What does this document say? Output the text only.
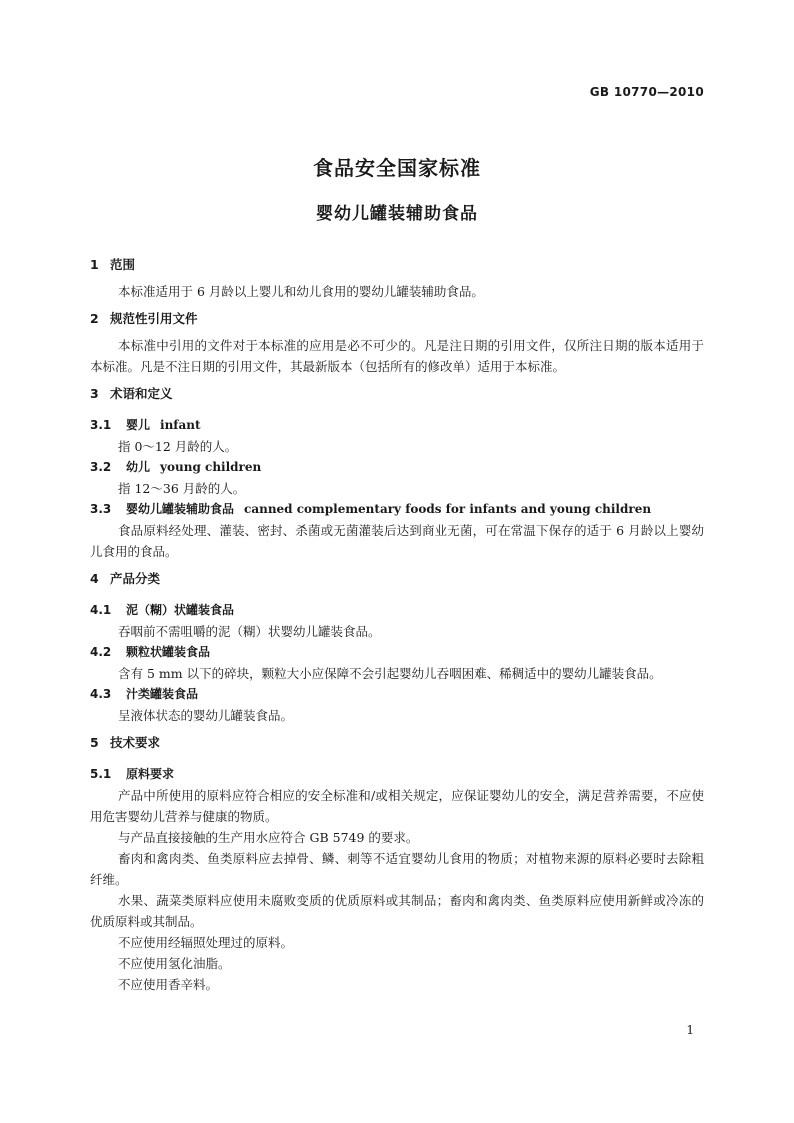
GB 10770—2010
食品安全国家标准
婴幼儿罐装辅助食品
1 范围

本标准适用于 6 月龄以上婴儿和幼儿食用的婴幼儿罐装辅助食品。

2 规范性引用文件

本标准中引用的文件对于本标准的应用是必不可少的。凡是注日期的引用文件，仅所注日期的版本适用于本标准。凡是不注日期的引用文件，其最新版本（包括所有的修改单）适用于本标准。

3 术语和定义
3.1 婴儿 infant

指 0～12 月龄的人。

3.2 幼儿 young children

指 12～36 月龄的人。

3.3 婴幼儿罐装辅助食品 canned complementary foods for infants and young children

食品原料经处理、灌装、密封、杀菌或无菌灌装后达到商业无菌，可在常温下保存的适于 6 月龄以上婴幼儿食用的食品。

4 产品分类
4.1 泥（糊）状罐装食品

吞咽前不需咀嚼的泥（糊）状婴幼儿罐装食品。

4.2 颗粒状罐装食品

含有 5 mm 以下的碎块，颗粒大小应保障不会引起婴幼儿吞咽困难、稀稠适中的婴幼儿罐装食品。

4.3 汁类罐装食品

呈液体状态的婴幼儿罐装食品。

5 技术要求
5.1 原料要求

产品中所使用的原料应符合相应的安全标准和/或相关规定，应保证婴幼儿的安全，满足营养需要，不应使用危害婴幼儿营养与健康的物质。

与产品直接接触的生产用水应符合 GB 5749 的要求。

畜肉和禽肉类、鱼类原料应去掉骨、鳞、刺等不适宜婴幼儿食用的物质；对植物来源的原料必要时去除粗纤维。

水果、蔬菜类原料应使用未腐败变质的优质原料或其制品；畜肉和禽肉类、鱼类原料应使用新鲜或冷冻的优质原料或其制品。

不应使用经辐照处理过的原料。

不应使用氢化油脂。

不应使用香辛料。

1
